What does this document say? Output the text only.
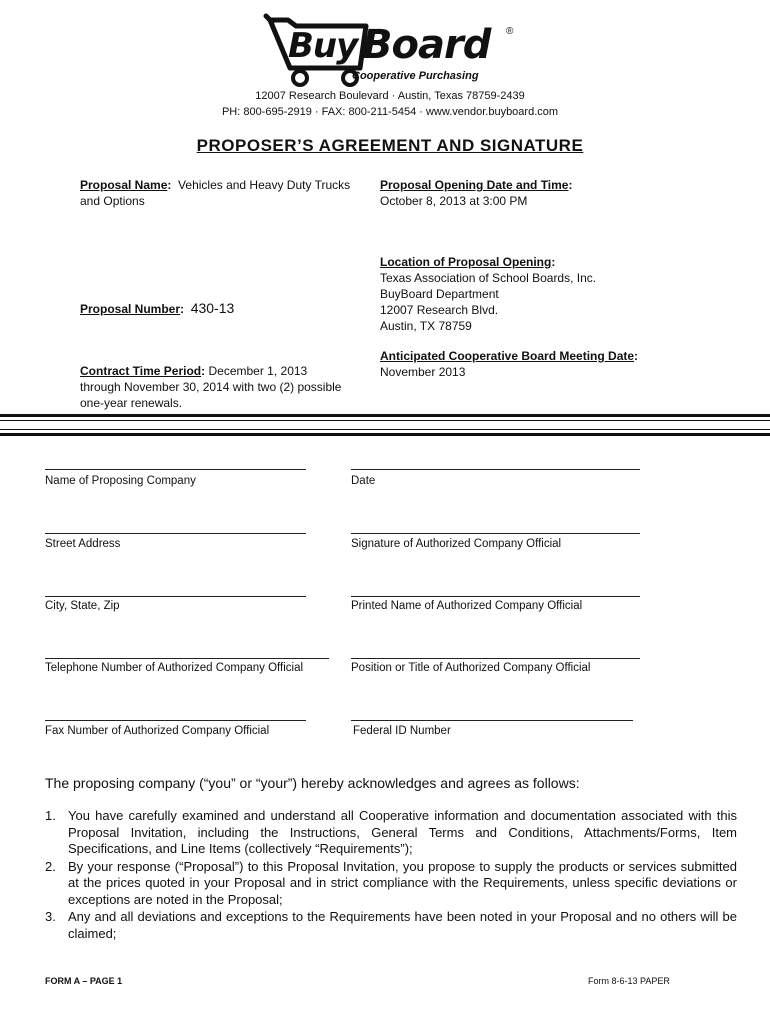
Buy Board ®
Cooperative Purchasing
12007 Research Boulevard · Austin, Texas 78759-2439
PH: 800-695-2919 · FAX: 800-211-5454 · www.vendor.buyboard.com
PROPOSER’S AGREEMENT AND SIGNATURE
Proposal Name: Vehicles and Heavy Duty Trucks and Options
Proposal Number: 430-13
Contract Time Period: December 1, 2013
through November 30, 2014 with two (2) possible
one-year renewals.
Proposal Opening Date and Time:
October 8, 2013 at 3:00 PM
Location of Proposal Opening:
Texas Association of School Boards, Inc.
BuyBoard Department
12007 Research Blvd.
Austin, TX 78759
Anticipated Cooperative Board Meeting Date:
November 2013
Name of Proposing Company	Date
Street Address	Signature of Authorized Company Official
City, State, Zip	Printed Name of Authorized Company Official
Telephone Number of Authorized Company Official	Position or Title of Authorized Company Official
Fax Number of Authorized Company Official	Federal ID Number
The proposing company (“you” or “your”) hereby acknowledges and agrees as follows:
1. You have carefully examined and understand all Cooperative information and documentation associated with this Proposal Invitation, including the Instructions, General Terms and Conditions, Attachments/Forms, Item Specifications, and Line Items (collectively “Requirements”);
2. By your response (“Proposal”) to this Proposal Invitation, you propose to supply the products or services submitted at the prices quoted in your Proposal and in strict compliance with the Requirements, unless specific deviations or exceptions are noted in the Proposal;
3. Any and all deviations and exceptions to the Requirements have been noted in your Proposal and no others will be claimed;
FORM A – PAGE 1	Form 8-6-13 PAPER
